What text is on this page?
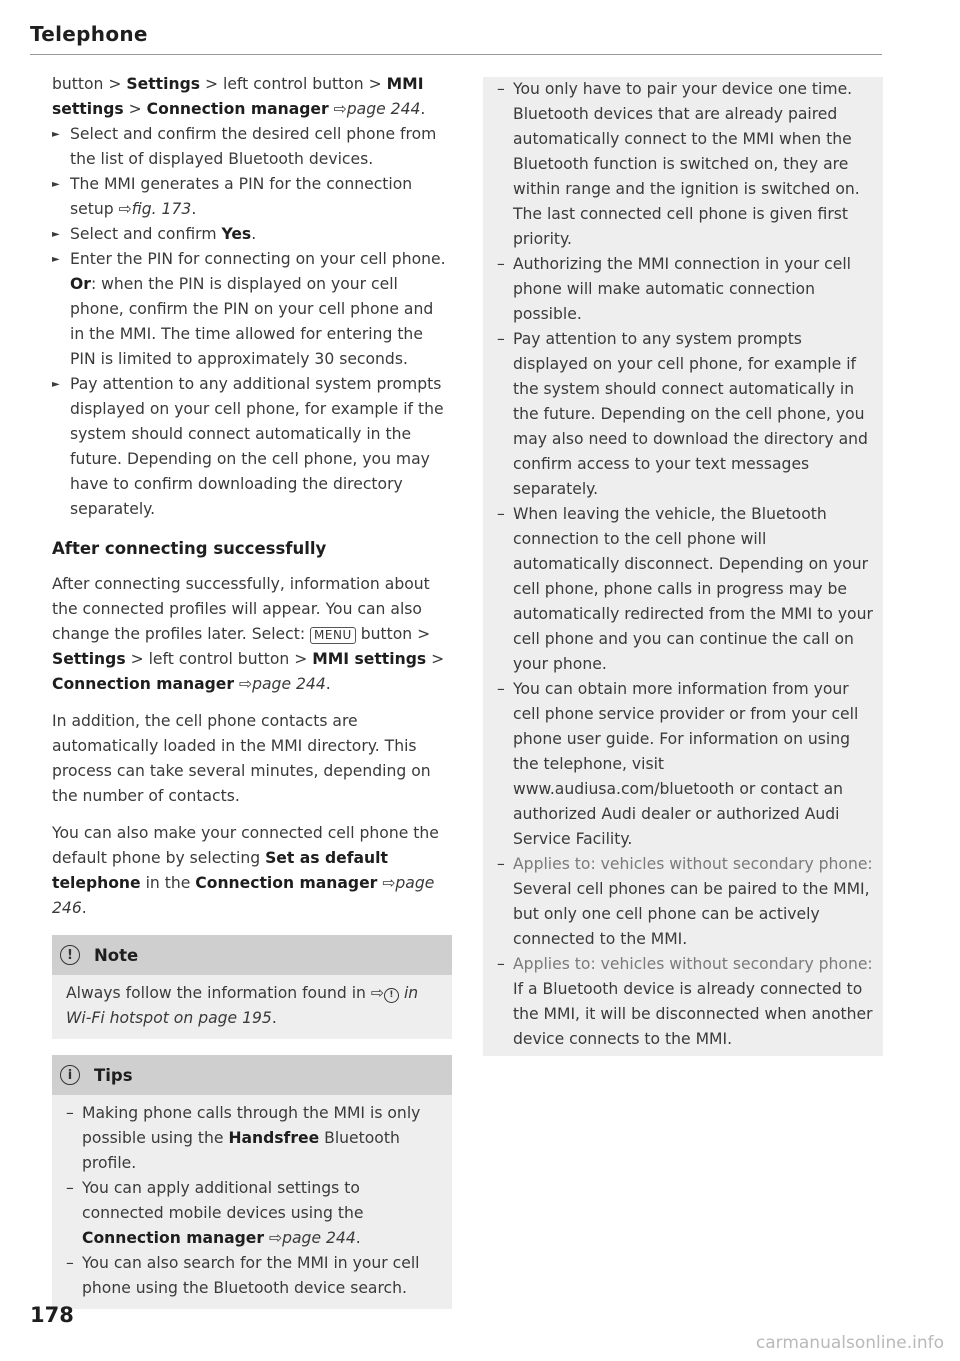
Telephone
button > Settings > left control button > MMI settings > Connection manager ⇨page 244.
► Select and confirm the desired cell phone from the list of displayed Bluetooth devices.
► The MMI generates a PIN for the connection setup ⇨fig. 173.
► Select and confirm Yes.
► Enter the PIN for connecting on your cell phone. Or: when the PIN is displayed on your cell phone, confirm the PIN on your cell phone and in the MMI. The time allowed for entering the PIN is limited to approximately 30 seconds.
► Pay attention to any additional system prompts displayed on your cell phone, for example if the system should connect automatically in the future. Depending on the cell phone, you may have to confirm downloading the directory separately.
After connecting successfully

After connecting successfully, information about the connected profiles will appear. You can also change the profiles later. Select: MENU button > Settings > left control button > MMI settings > Connection manager ⇨page 244.

In addition, the cell phone contacts are automatically loaded in the MMI directory. This process can take several minutes, depending on the number of contacts.

You can also make your connected cell phone the default phone by selecting Set as default telephone in the Connection manager ⇨page 246.

!	Note
Always follow the information found in ⇨ ! in Wi-Fi hotspot on page 195.
i	Tips
– Making phone calls through the MMI is only possible using the Handsfree Bluetooth profile.
– You can apply additional settings to connected mobile devices using the Connection manager ⇨page 244.
– You can also search for the MMI in your cell phone using the Bluetooth device search.
– You only have to pair your device one time. Bluetooth devices that are already paired automatically connect to the MMI when the Bluetooth function is switched on, they are within range and the ignition is switched on. The last connected cell phone is given first priority.
– Authorizing the MMI connection in your cell phone will make automatic connection possible.
– Pay attention to any system prompts displayed on your cell phone, for example if the system should connect automatically in the future. Depending on the cell phone, you may also need to download the directory and confirm access to your text messages separately.
– When leaving the vehicle, the Bluetooth connection to the cell phone will automatically disconnect. Depending on your cell phone, phone calls in progress may be automatically redirected from the MMI to your cell phone and you can continue the call on your phone.
– You can obtain more information from your cell phone service provider or from your cell phone user guide. For information on using the telephone, visit www.audiusa.com/bluetooth or contact an authorized Audi dealer or authorized Audi Service Facility.
– Applies to: vehicles without secondary phone: Several cell phones can be paired to the MMI, but only one cell phone can be actively connected to the MMI.
– Applies to: vehicles without secondary phone: If a Bluetooth device is already connected to the MMI, it will be disconnected when another device connects to the MMI.
178
carmanualsonline.info
